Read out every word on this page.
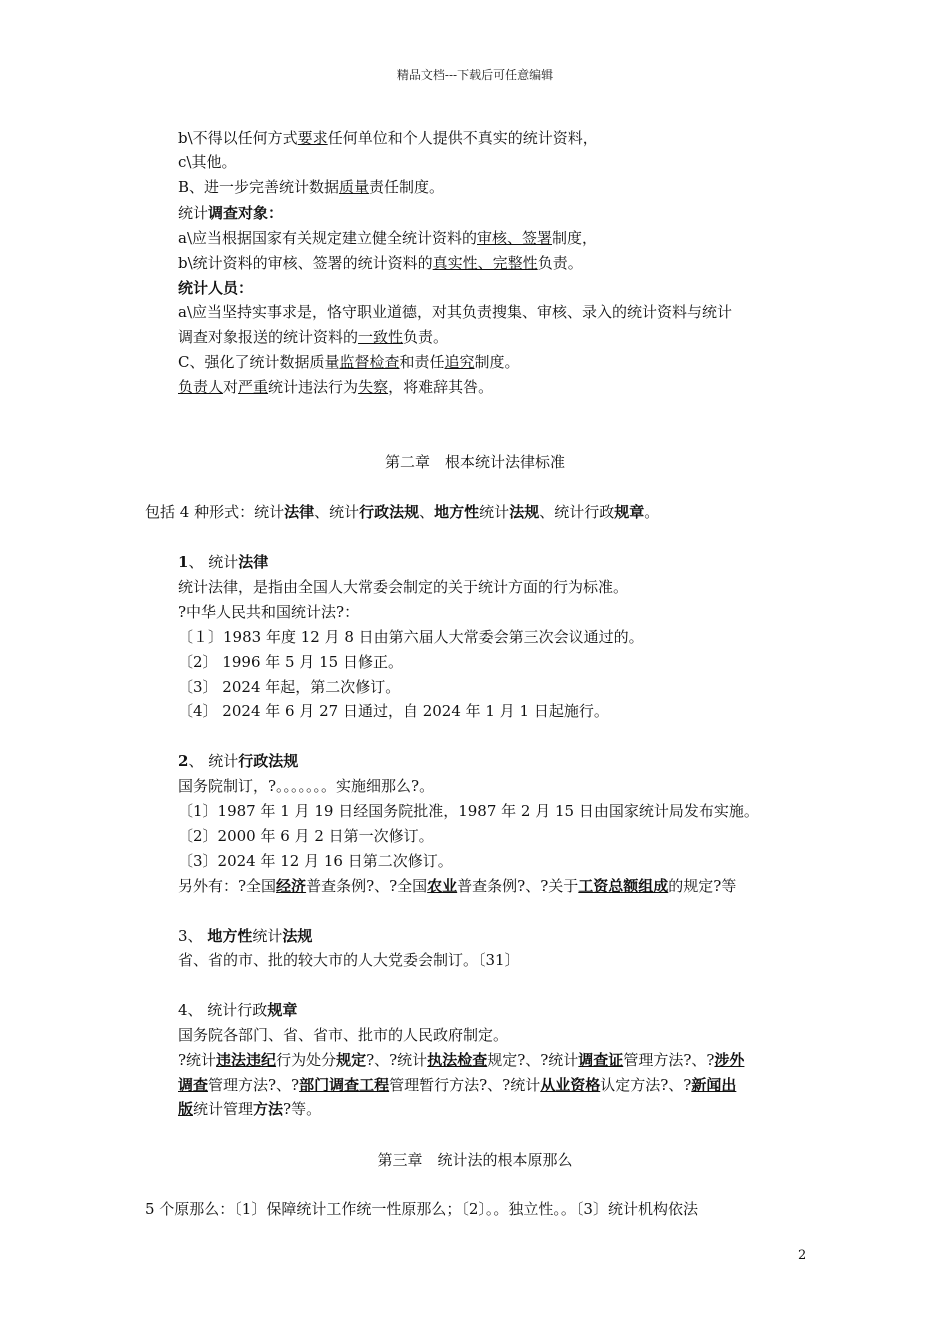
精品文档---下载后可任意编辑
b\不得以任何方式要求任何单位和个人提供不真实的统计资料，
c\其他。
B、进一步完善统计数据质量责任制度。
统计调查对象：
a\应当根据国家有关规定建立健全统计资料的审核、签署制度，
b\统计资料的审核、签署的统计资料的真实性、完整性负责。
统计人员：
a\应当坚持实事求是，恪守职业道德，对其负责搜集、审核、录入的统计资料与统计
调查对象报送的统计资料的一致性负责。
C、强化了统计数据质量监督检查和责任追究制度。
负责人对严重统计违法行为失察，将难辞其咎。
第二章　根本统计法律标准
包括 4 种形式：统计法律、统计行政法规、地方性统计法规、统计行政规章。
1、 统计法律
统计法律，是指由全国人大常委会制定的关于统计方面的行为标准。
?中华人民共和国统计法?：
〔１〕1983 年度 12 月 8 日由第六届人大常委会第三次会议通过的。
〔2〕 1996 年 5 月 15 日修正。
〔3〕 2024 年起，第二次修订。
〔4〕 2024 年 6 月 27 日通过，自 2024 年 1 月 1 日起施行。
2、 统计行政法规
国务院制订，?。。。。。。。实施细那么?。
〔1〕1987 年 1 月 19 日经国务院批准，1987 年 2 月 15 日由国家统计局发布实施。
〔2〕2000 年 6 月 2 日第一次修订。
〔3〕2024 年 12 月 16 日第二次修订。
另外有：?全国经济普查条例?、?全国农业普查条例?、?关于工资总额组成的规定?等
3、 地方性统计法规
省、省的市、批的较大市的人大党委会制订。〔31〕
4、 统计行政规章
国务院各部门、省、省市、批市的人民政府制定。
?统计违法违纪行为处分规定?、?统计执法检查规定?、?统计调查证管理方法?、?涉外
调查管理方法?、?部门调查工程管理暂行方法?、?统计从业资格认定方法?、?新闻出
版统计管理方法?等。
第三章　统计法的根本原那么
5 个原那么：〔1〕保障统计工作统一性原那么；〔2〕。。独立性。。〔3〕统计机构依法
2
